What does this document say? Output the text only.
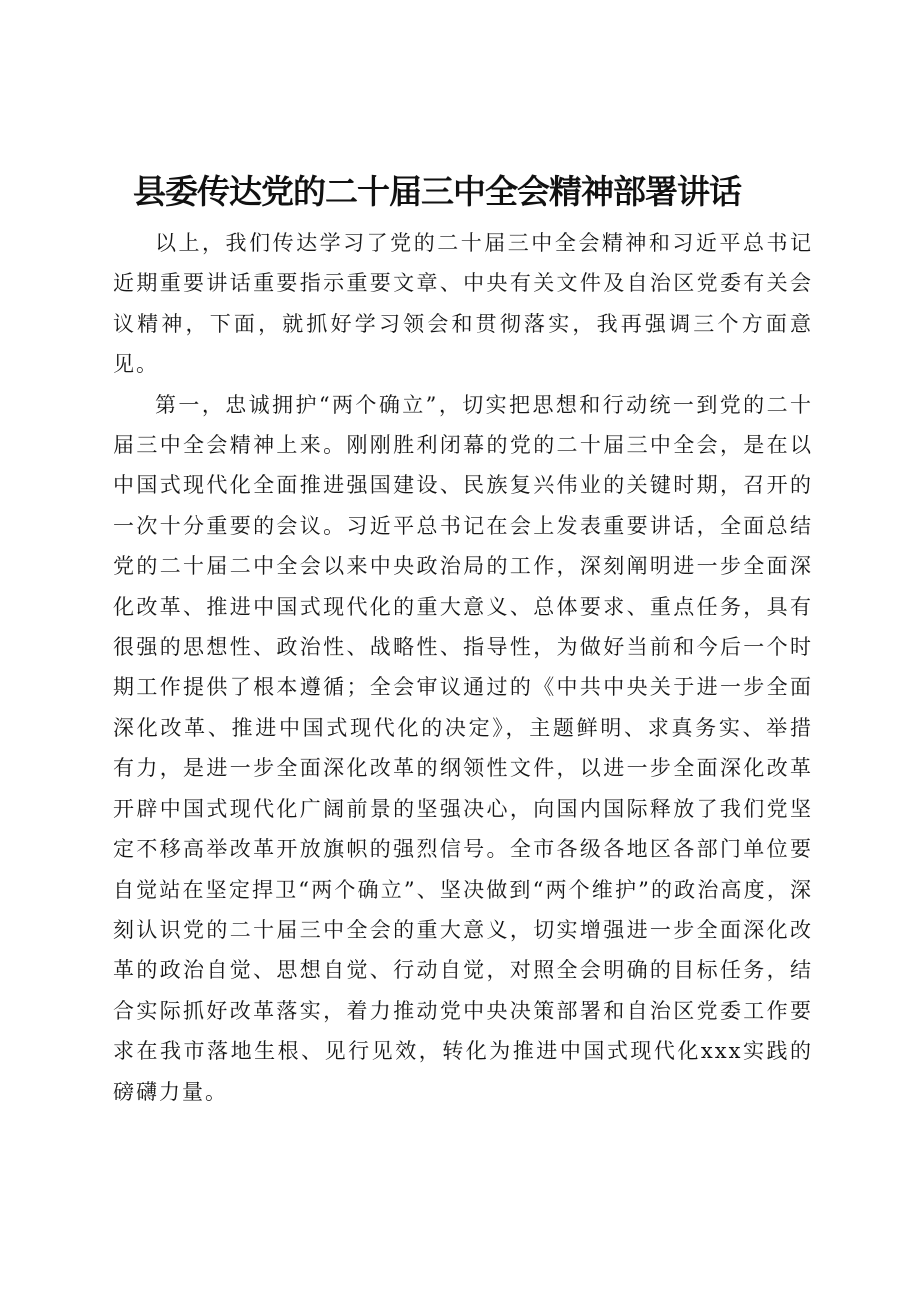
县委传达党的二十届三中全会精神部署讲话

以上，我们传达学习了党的二十届三中全会精神和习近平总书记近期重要讲话重要指示重要文章、中央有关文件及自治区党委有关会议精神，下面，就抓好学习领会和贯彻落实，我再强调三个方面意见。

第一，忠诚拥护“两个确立”，切实把思想和行动统一到党的二十届三中全会精神上来。刚刚胜利闭幕的党的二十届三中全会，是在以中国式现代化全面推进强国建设、民族复兴伟业的关键时期，召开的一次十分重要的会议。习近平总书记在会上发表重要讲话，全面总结党的二十届二中全会以来中央政治局的工作，深刻阐明进一步全面深化改革、推进中国式现代化的重大意义、总体要求、重点任务，具有很强的思想性、政治性、战略性、指导性，为做好当前和今后一个时期工作提供了根本遵循；全会审议通过的《中共中央关于进一步全面深化改革、推进中国式现代化的决定》，主题鲜明、求真务实、举措有力，是进一步全面深化改革的纲领性文件，以进一步全面深化改革开辟中国式现代化广阔前景的坚强决心，向国内国际释放了我们党坚定不移高举改革开放旗帜的强烈信号。全市各级各地区各部门单位要自觉站在坚定捍卫“两个确立”、坚决做到“两个维护”的政治高度，深刻认识党的二十届三中全会的重大意义，切实增强进一步全面深化改革的政治自觉、思想自觉、行动自觉，对照全会明确的目标任务，结合实际抓好改革落实，着力推动党中央决策部署和自治区党委工作要求在我市落地生根、见行见效，转化为推进中国式现代化xxx实践的磅礴力量。
